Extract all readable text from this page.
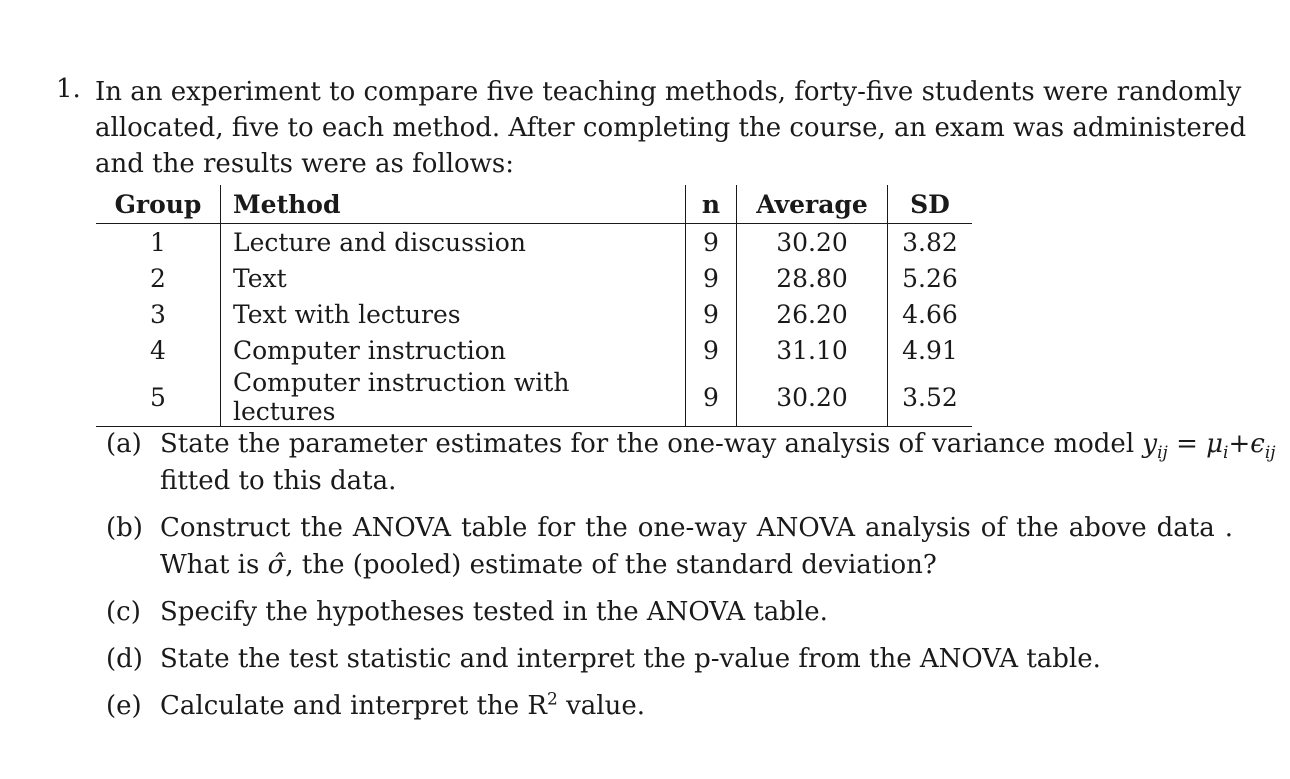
1. In an experiment to compare five teaching methods, forty-five students were randomly
allocated, five to each method. After completing the course, an exam was administered
and the results were as follows:
Group	Method	n	Average	SD
1	Lecture and discussion	9	30.20	3.82
2	Text	9	28.80	5.26
3	Text with lectures	9	26.20	4.66
4	Computer instruction	9	31.10	4.91
5	Computer instruction with lectures	9	30.20	3.52
(a) State the parameter estimates for the one-way analysis of variance model $y_{ij} = \mu_i+\epsilon_{ij}$
fitted to this data.
(b) Construct the ANOVA table for the one-way ANOVA analysis of the above data .
What is σ̂, the (pooled) estimate of the standard deviation?
(c) Specify the hypotheses tested in the ANOVA table.
(d) State the test statistic and interpret the p-value from the ANOVA table.
(e) Calculate and interpret the $R^2$ value.
